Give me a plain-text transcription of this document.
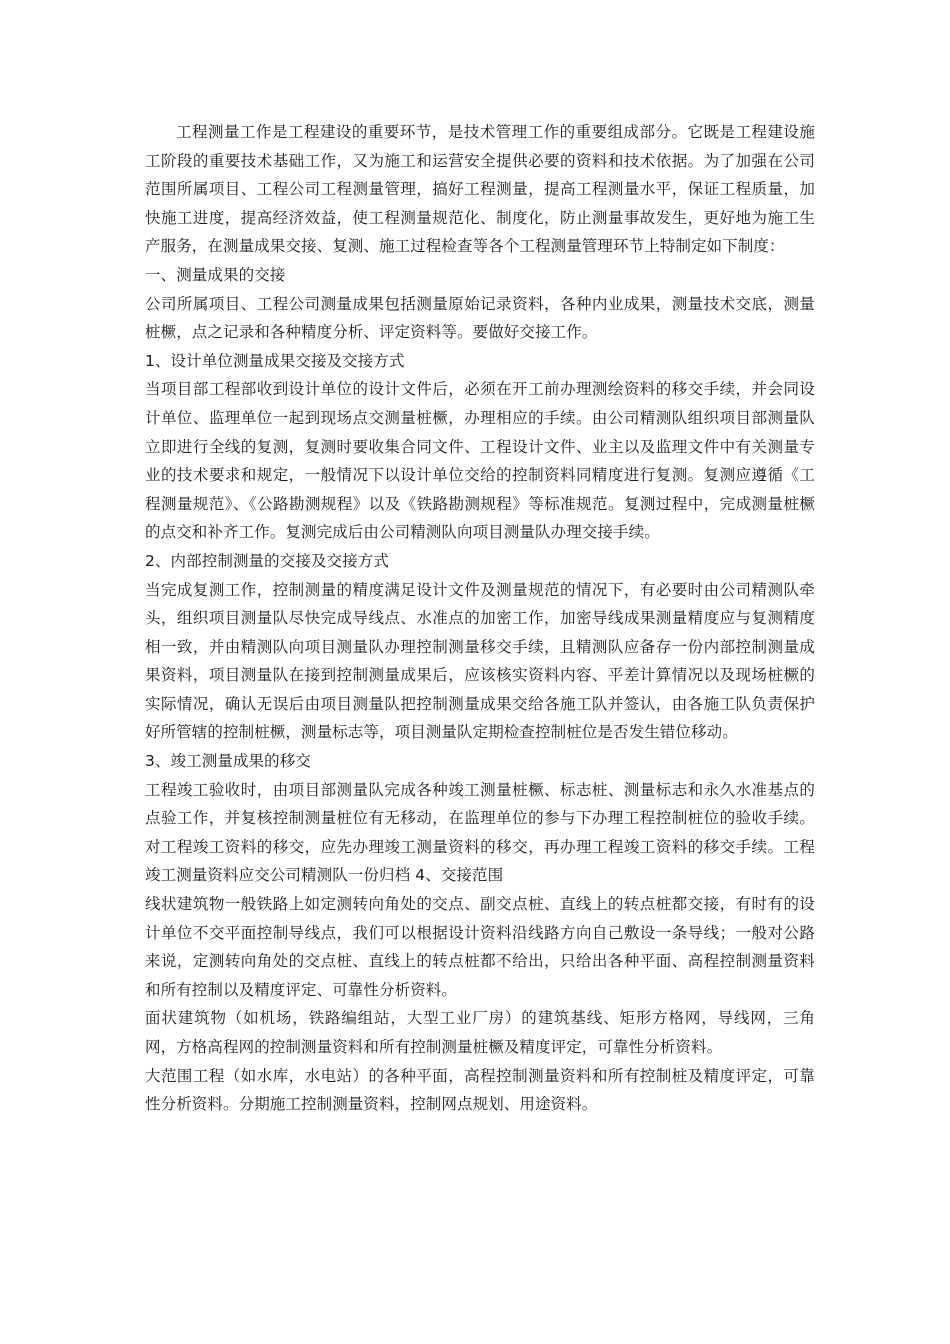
工程测量工作是工程建设的重要环节，是技术管理工作的重要组成部分。它既是工程建设施工阶段的重要技术基础工作，又为施工和运营安全提供必要的资料和技术依据。为了加强在公司范围所属项目、工程公司工程测量管理，搞好工程测量，提高工程测量水平，保证工程质量，加快施工进度，提高经济效益，使工程测量规范化、制度化，防止测量事故发生，更好地为施工生产服务，在测量成果交接、复测、施工过程检查等各个工程测量管理环节上特制定如下制度：

一、测量成果的交接

公司所属项目、工程公司测量成果包括测量原始记录资料，各种内业成果，测量技术交底，测量桩橛，点之记录和各种精度分析、评定资料等。要做好交接工作。

1、设计单位测量成果交接及交接方式

当项目部工程部收到设计单位的设计文件后，必须在开工前办理测绘资料的移交手续，并会同设计单位、监理单位一起到现场点交测量桩橛，办理相应的手续。由公司精测队组织项目部测量队立即进行全线的复测，复测时要收集合同文件、工程设计文件、业主以及监理文件中有关测量专业的技术要求和规定，一般情况下以设计单位交给的控制资料同精度进行复测。复测应遵循《工程测量规范》、《公路勘测规程》以及《铁路勘测规程》等标准规范。复测过程中，完成测量桩橛的点交和补齐工作。复测完成后由公司精测队向项目测量队办理交接手续。

2、内部控制测量的交接及交接方式

当完成复测工作，控制测量的精度满足设计文件及测量规范的情况下，有必要时由公司精测队牵头，组织项目测量队尽快完成导线点、水准点的加密工作，加密导线成果测量精度应与复测精度相一致，并由精测队向项目测量队办理控制测量移交手续，且精测队应备存一份内部控制测量成果资料，项目测量队在接到控制测量成果后，应该核实资料内容、平差计算情况以及现场桩橛的实际情况，确认无误后由项目测量队把控制测量成果交给各施工队并签认，由各施工队负责保护好所管辖的控制桩橛，测量标志等，项目测量队定期检查控制桩位是否发生错位移动。

3、竣工测量成果的移交

工程竣工验收时，由项目部测量队完成各种竣工测量桩橛、标志桩、测量标志和永久水准基点的点验工作，并复核控制测量桩位有无移动，在监理单位的参与下办理工程控制桩位的验收手续。对工程竣工资料的移交，应先办理竣工测量资料的移交，再办理工程竣工资料的移交手续。工程竣工测量资料应交公司精测队一份归档 4、交接范围

线状建筑物一般铁路上如定测转向角处的交点、副交点桩、直线上的转点桩都交接，有时有的设计单位不交平面控制导线点，我们可以根据设计资料沿线路方向自己敷设一条导线；一般对公路来说，定测转向角处的交点桩、直线上的转点桩都不给出，只给出各种平面、高程控制测量资料和所有控制以及精度评定、可靠性分析资料。

面状建筑物（如机场，铁路编组站，大型工业厂房）的建筑基线、矩形方格网，导线网，三角网，方格高程网的控制测量资料和所有控制测量桩橛及精度评定，可靠性分析资料。

大范围工程（如水库，水电站）的各种平面，高程控制测量资料和所有控制桩及精度评定，可靠性分析资料。分期施工控制测量资料，控制网点规划、用途资料。
